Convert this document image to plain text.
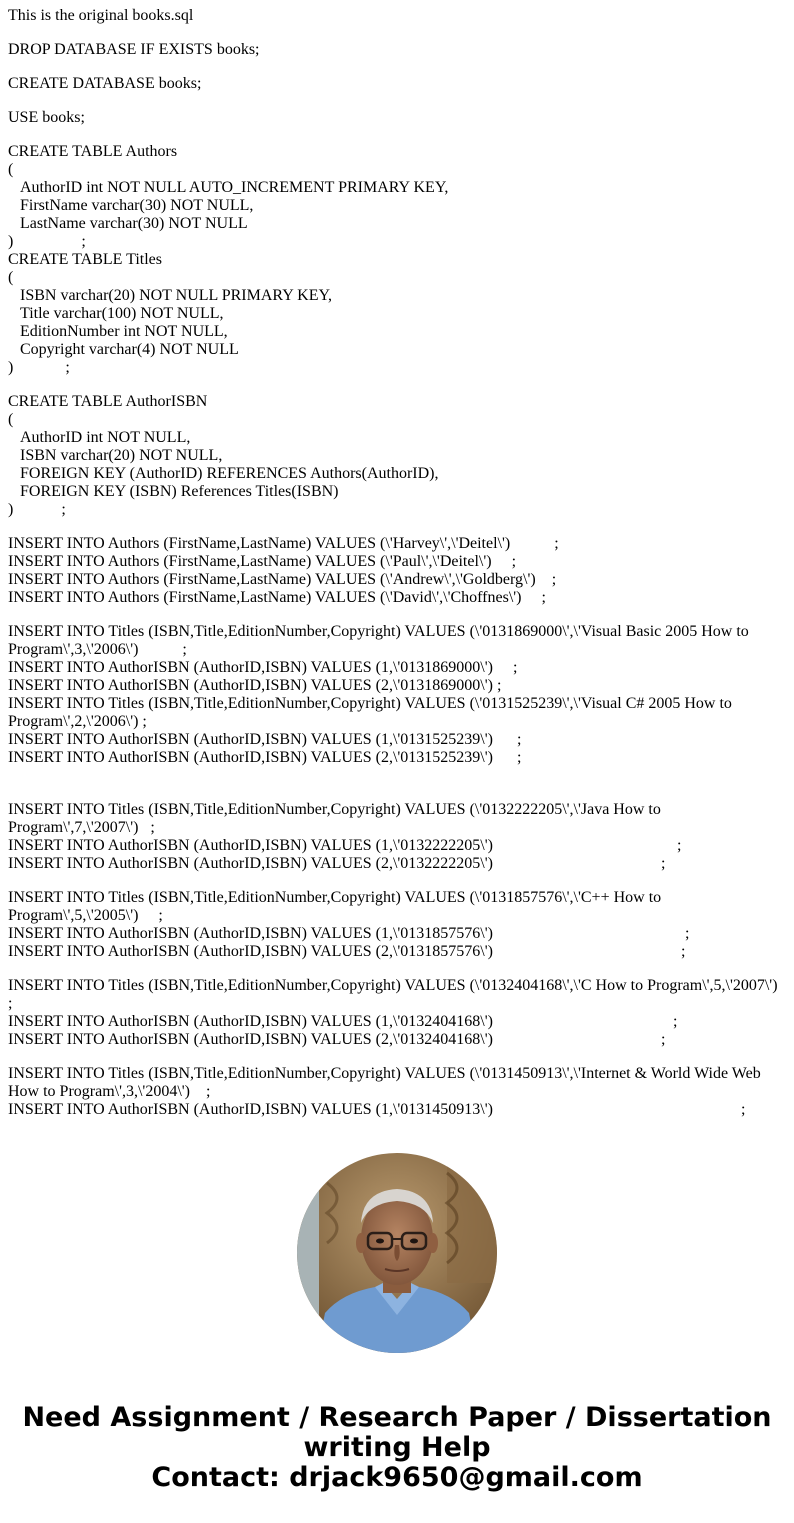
This is the original books.sql
DROP DATABASE IF EXISTS books;
CREATE DATABASE books;
USE books;
CREATE TABLE Authors
(
AuthorID int NOT NULL AUTO_INCREMENT PRIMARY KEY,
FirstName varchar(30) NOT NULL,
LastName varchar(30) NOT NULL
)                 ;
CREATE TABLE Titles
(
ISBN varchar(20) NOT NULL PRIMARY KEY,
Title varchar(100) NOT NULL,
EditionNumber int NOT NULL,
Copyright varchar(4) NOT NULL
)             ;
CREATE TABLE AuthorISBN
(
AuthorID int NOT NULL,
ISBN varchar(20) NOT NULL,
FOREIGN KEY (AuthorID) REFERENCES Authors(AuthorID),
FOREIGN KEY (ISBN) References Titles(ISBN)
)            ;
INSERT INTO Authors (FirstName,LastName) VALUES (\'Harvey\',\'Deitel\')           ;
INSERT INTO Authors (FirstName,LastName) VALUES (\'Paul\',\'Deitel\')     ;
INSERT INTO Authors (FirstName,LastName) VALUES (\'Andrew\',\'Goldberg\')    ;
INSERT INTO Authors (FirstName,LastName) VALUES (\'David\',\'Choffnes\')     ;
INSERT INTO Titles (ISBN,Title,EditionNumber,Copyright) VALUES (\'0131869000\',\'Visual Basic 2005 How to Program\',3,\'2006\')           ;
INSERT INTO AuthorISBN (AuthorID,ISBN) VALUES (1,\'0131869000\')     ;
INSERT INTO AuthorISBN (AuthorID,ISBN) VALUES (2,\'0131869000\') ;
INSERT INTO Titles (ISBN,Title,EditionNumber,Copyright) VALUES (\'0131525239\',\'Visual C# 2005 How to Program\',2,\'2006\') ;
INSERT INTO AuthorISBN (AuthorID,ISBN) VALUES (1,\'0131525239\')      ;
INSERT INTO AuthorISBN (AuthorID,ISBN) VALUES (2,\'0131525239\')      ;
INSERT INTO Titles (ISBN,Title,EditionNumber,Copyright) VALUES (\'0132222205\',\'Java How to Program\',7,\'2007\')   ;
INSERT INTO AuthorISBN (AuthorID,ISBN) VALUES (1,\'0132222205\')                                              ;
INSERT INTO AuthorISBN (AuthorID,ISBN) VALUES (2,\'0132222205\')                                          ;
INSERT INTO Titles (ISBN,Title,EditionNumber,Copyright) VALUES (\'0131857576\',\'C++ How to Program\',5,\'2005\')     ;
INSERT INTO AuthorISBN (AuthorID,ISBN) VALUES (1,\'0131857576\')                                                ;
INSERT INTO AuthorISBN (AuthorID,ISBN) VALUES (2,\'0131857576\')                                               ;
INSERT INTO Titles (ISBN,Title,EditionNumber,Copyright) VALUES (\'0132404168\',\'C How to Program\',5,\'2007\')     ;
INSERT INTO AuthorISBN (AuthorID,ISBN) VALUES (1,\'0132404168\')                                             ;
INSERT INTO AuthorISBN (AuthorID,ISBN) VALUES (2,\'0132404168\')                                          ;
INSERT INTO Titles (ISBN,Title,EditionNumber,Copyright) VALUES (\'0131450913\',\'Internet & World Wide Web How to Program\',3,\'2004\')    ;
INSERT INTO AuthorISBN (AuthorID,ISBN) VALUES (1,\'0131450913\')                                                              ;
Need Assignment / Research Paper / Dissertation
writing Help
Contact: drjack9650@gmail.com
